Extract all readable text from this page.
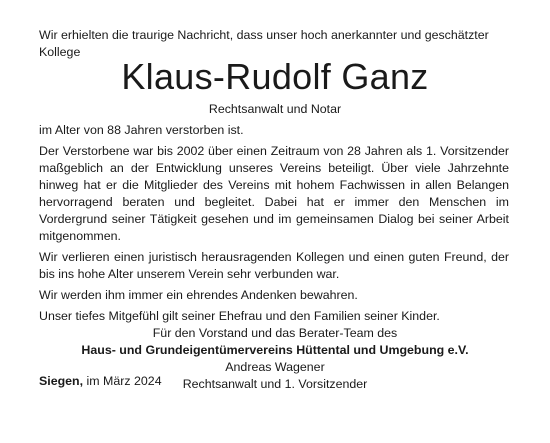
Wir erhielten die traurige Nachricht, dass unser hoch anerkannter und geschätzter Kollege

Klaus-Rudolf Ganz
Rechtsanwalt und Notar

im Alter von 88 Jahren verstorben ist.

Der Verstorbene war bis 2002 über einen Zeitraum von 28 Jahren als 1. Vorsitzender maßgeblich an der Entwicklung unseres Vereins beteiligt. Über viele Jahrzehnte hinweg hat er die Mitglieder des Vereins mit hohem Fachwissen in allen Belangen hervorragend beraten und begleitet. Dabei hat er immer den Menschen im Vordergrund seiner Tätigkeit gesehen und im gemeinsamen Dialog bei seiner Arbeit mitgenommen.

Wir verlieren einen juristisch herausragenden Kollegen und einen guten Freund, der bis ins hohe Alter unserem Verein sehr verbunden war.

Wir werden ihm immer ein ehrendes Andenken bewahren.

Unser tiefes Mitgefühl gilt seiner Ehefrau und den Familien seiner Kinder.

Für den Vorstand und das Berater-Team des
Haus- und Grundeigentümervereins Hüttental und Umgebung e.V.
Andreas Wagener
Rechtsanwalt und 1. Vorsitzender
Siegen, im März 2024
